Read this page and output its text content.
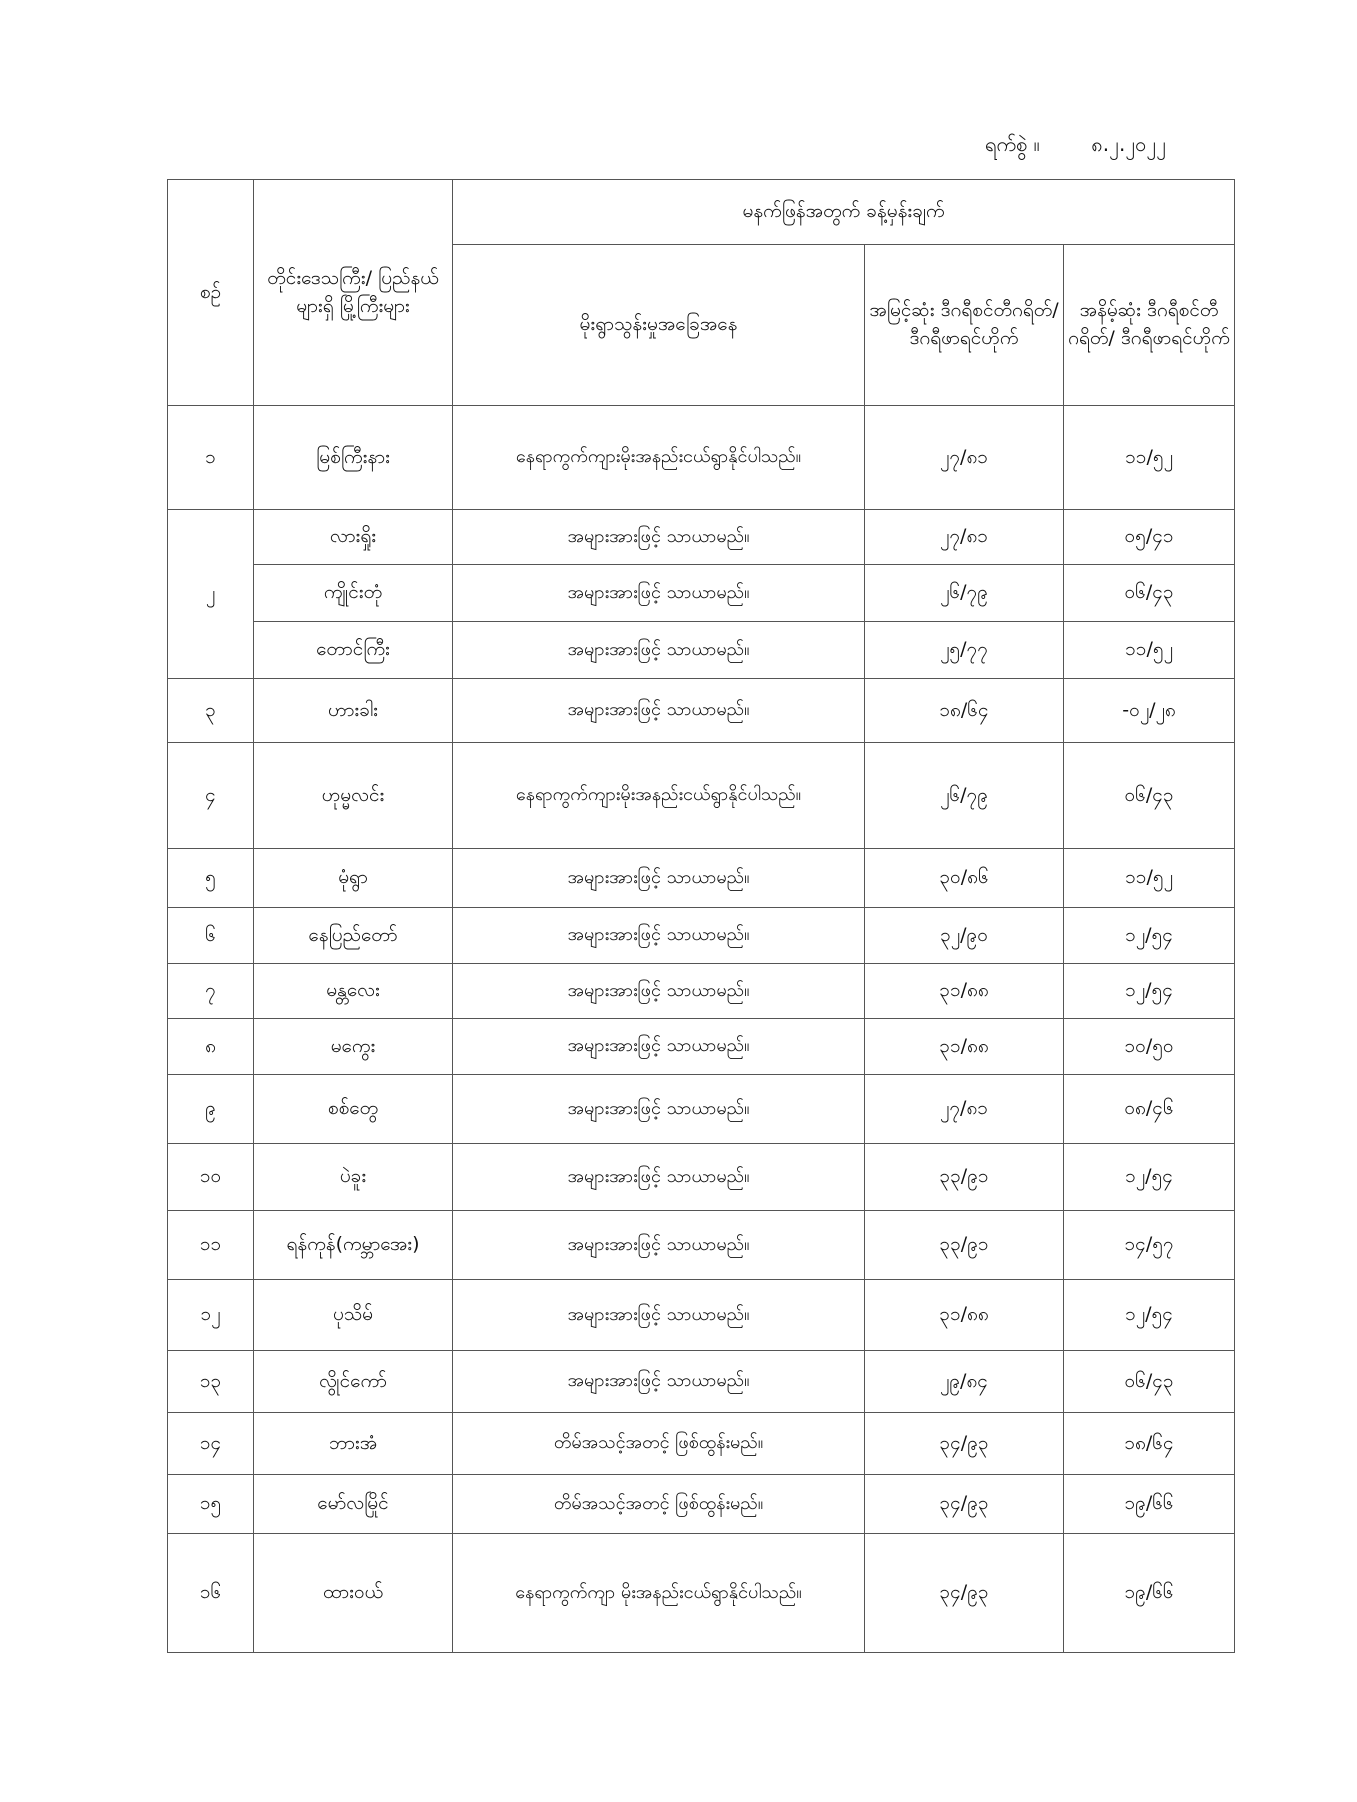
ရက်စွဲ ။	၈.၂.၂၀၂၂
စဉ်	တိုင်းဒေသကြီး/ ပြည်နယ်များရှိ မြို့ကြီးများ	မနက်ဖြန်အတွက် ခန့်မှန်းချက်		
		မိုးရွာသွန်းမှုအခြေအနေ	အမြင့်ဆုံး ဒီဂရီစင်တီဂရိတ်/ ဒီဂရီဖာရင်ဟိုက်	အနိမ့်ဆုံး ဒီဂရီစင်တီဂရိတ်/ ဒီဂရီဖာရင်ဟိုက်
၁	မြစ်ကြီးနား	နေရာကွက်ကျားမိုးအနည်းငယ်ရွာနိုင်ပါသည်။	၂၇/၈၁	၁၁/၅၂
၂	လားရှိုး	အများအားဖြင့် သာယာမည်။	၂၇/၈၁	၀၅/၄၁
	ကျိုင်းတုံ	အများအားဖြင့် သာယာမည်။	၂၆/၇၉	၀၆/၄၃
	တောင်ကြီး	အများအားဖြင့် သာယာမည်။	၂၅/၇၇	၁၁/၅၂
၃	ဟားခါး	အများအားဖြင့် သာယာမည်။	၁၈/၆၄	-၀၂/၂၈
၄	ဟုမ္မလင်း	နေရာကွက်ကျားမိုးအနည်းငယ်ရွာနိုင်ပါသည်။	၂၆/၇၉	၀၆/၄၃
၅	မုံရွာ	အများအားဖြင့် သာယာမည်။	၃၀/၈၆	၁၁/၅၂
၆	နေပြည်တော်	အများအားဖြင့် သာယာမည်။	၃၂/၉၀	၁၂/၅၄
၇	မန္တလေး	အများအားဖြင့် သာယာမည်။	၃၁/၈၈	၁၂/၅၄
၈	မကွေး	အများအားဖြင့် သာယာမည်။	၃၁/၈၈	၁၀/၅၀
၉	စစ်တွေ	အများအားဖြင့် သာယာမည်။	၂၇/၈၁	၀၈/၄၆
၁၀	ပဲခူး	အများအားဖြင့် သာယာမည်။	၃၃/၉၁	၁၂/၅၄
၁၁	ရန်ကုန်(ကမ္ဘာအေး)	အများအားဖြင့် သာယာမည်။	၃၃/၉၁	၁၄/၅၇
၁၂	ပုသိမ်	အများအားဖြင့် သာယာမည်။	၃၁/၈၈	၁၂/၅၄
၁၃	လွိုင်ကော်	အများအားဖြင့် သာယာမည်။	၂၉/၈၄	၀၆/၄၃
၁၄	ဘားအံ	တိမ်အသင့်အတင့် ဖြစ်ထွန်းမည်။	၃၄/၉၃	၁၈/၆၄
၁၅	မော်လမြိုင်	တိမ်အသင့်အတင့် ဖြစ်ထွန်းမည်။	၃၄/၉၃	၁၉/၆၆
၁၆	ထားဝယ်	နေရာကွက်ကျာ မိုးအနည်းငယ်ရွာနိုင်ပါသည်။	၃၄/၉၃	၁၉/၆၆
